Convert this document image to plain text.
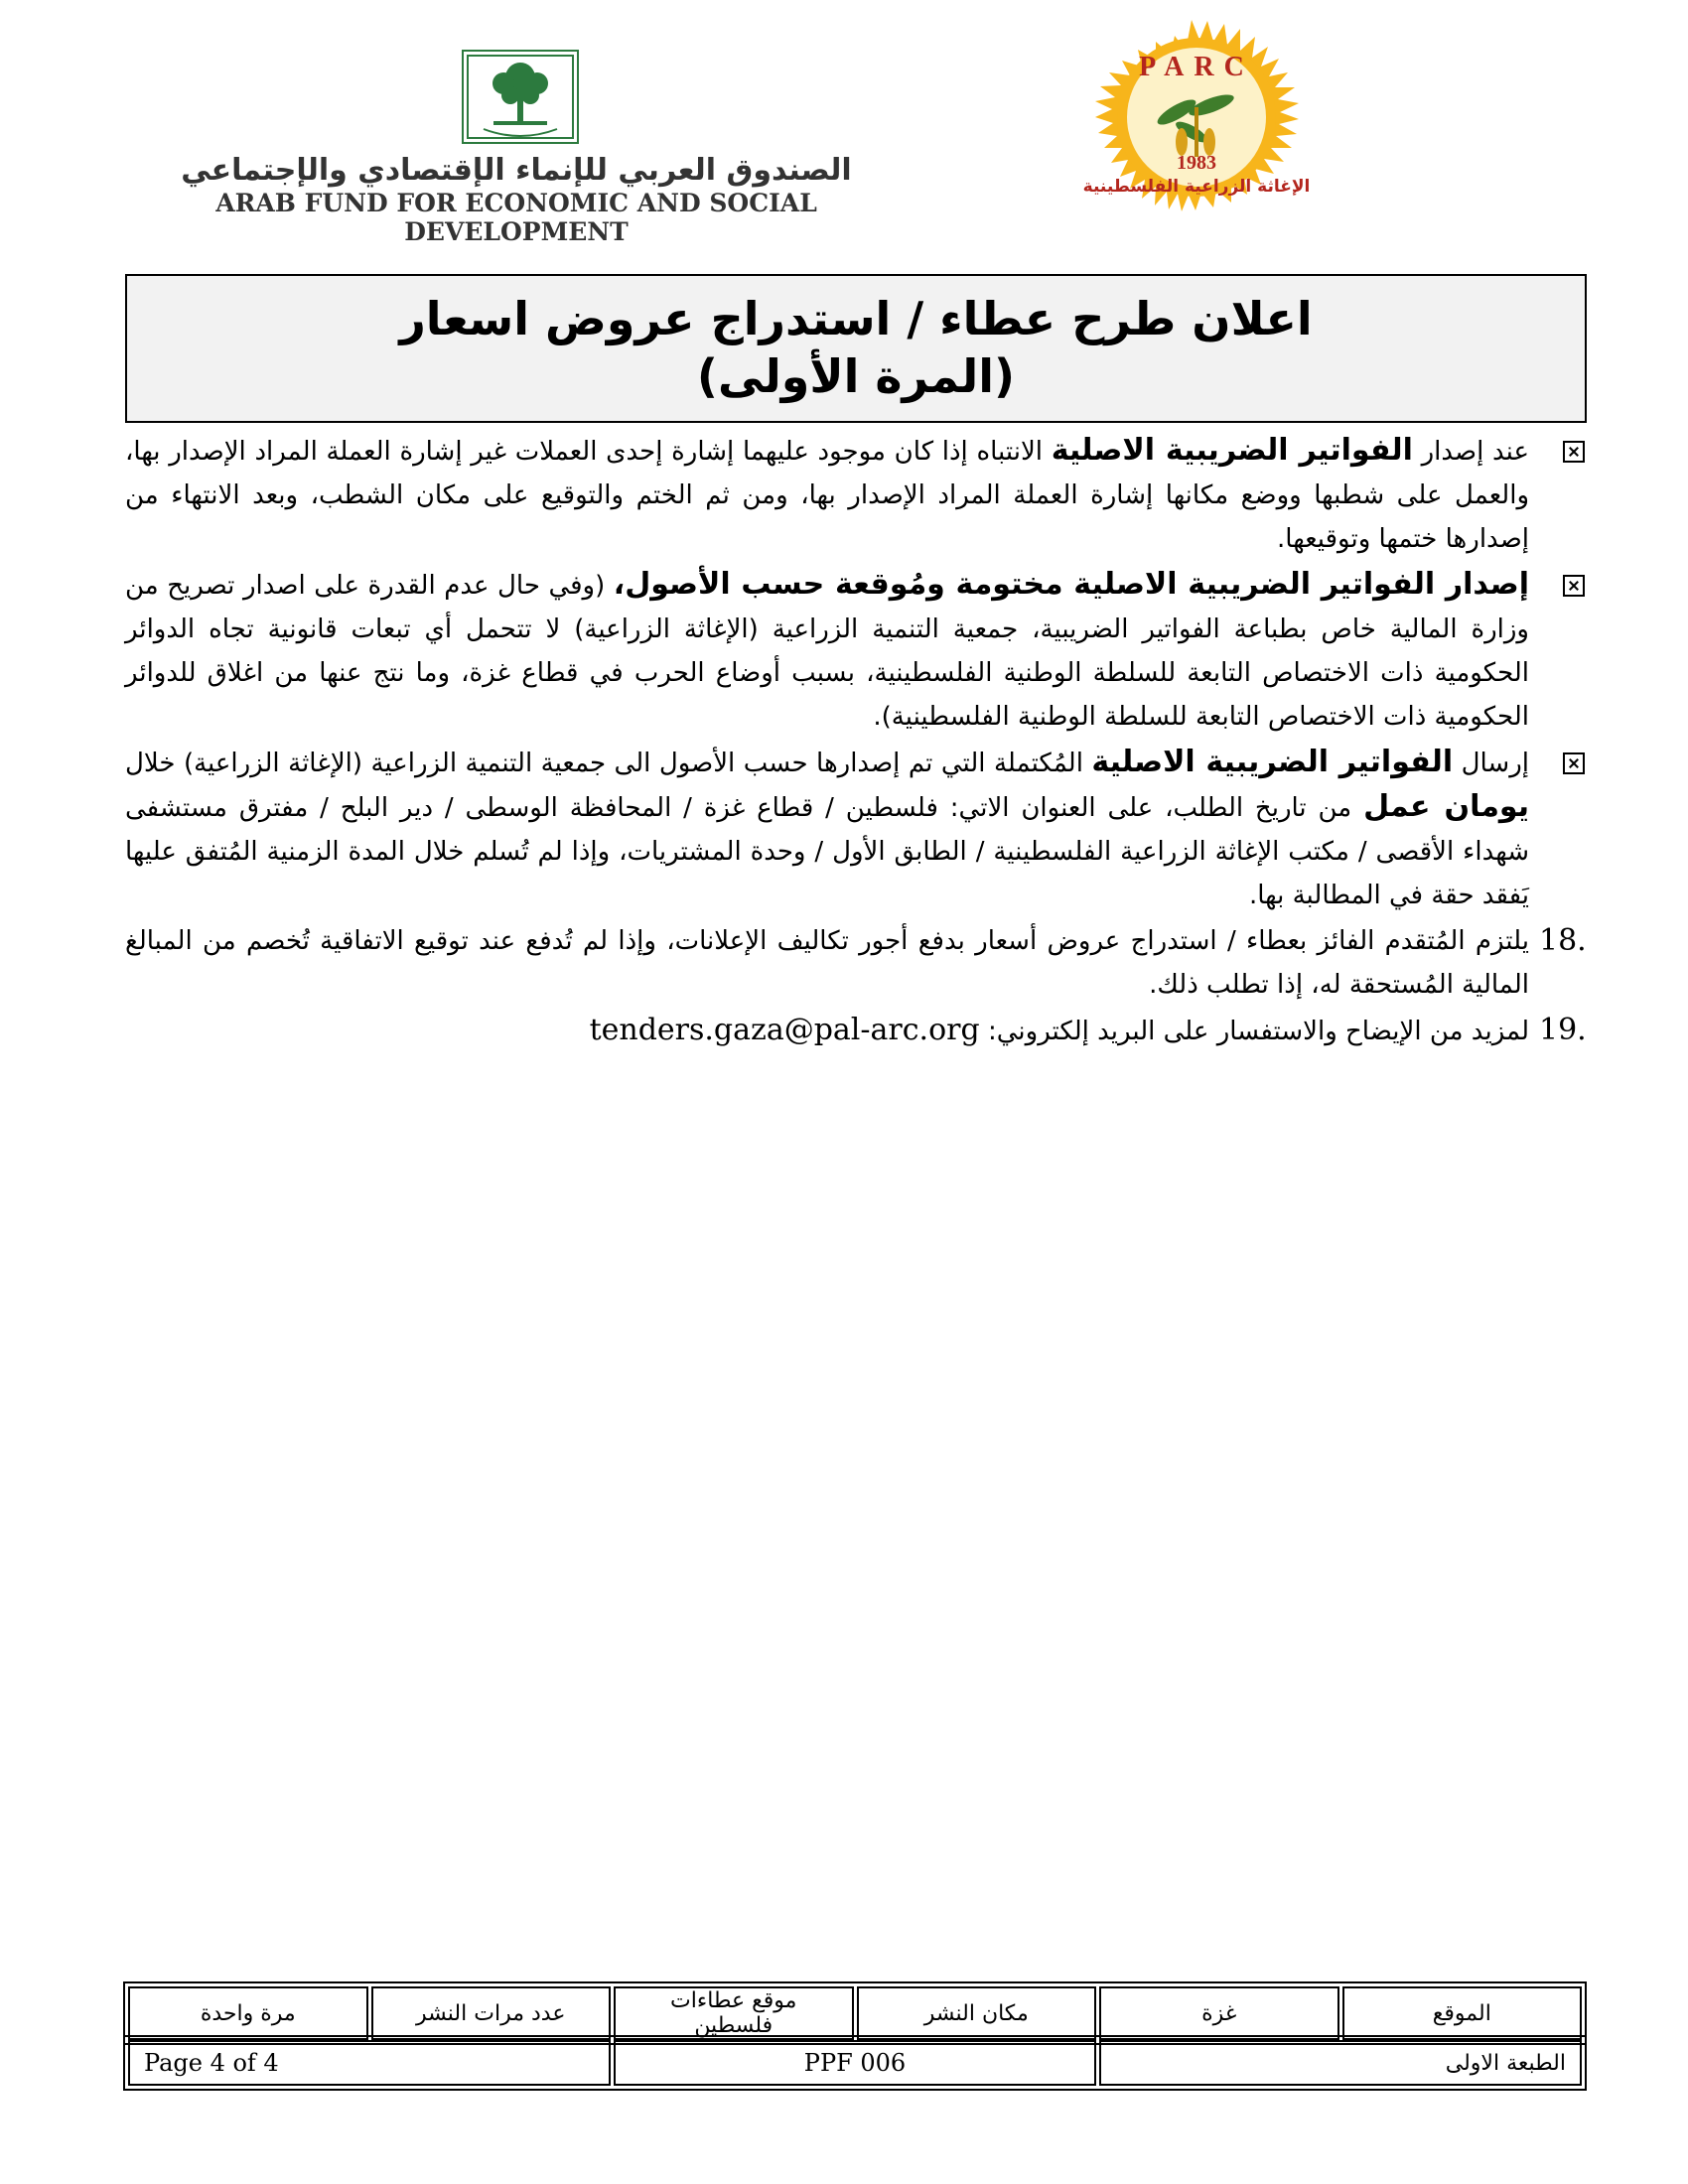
الصندوق العربي للإنماء الإقتصادي والإجتماعي
ARAB FUND FOR ECONOMIC AND SOCIAL DEVELOPMENT
PARC
1983
الإغاثة الزراعية الفلسطينية
اعلان طرح عطاء / استدراج عروض اسعار
(المرة الأولى)
عند إصدار الفواتير الضريبية الاصلية الانتباه إذا كان موجود عليهما إشارة إحدى العملات غير إشارة العملة المراد الإصدار بها، والعمل على شطبها ووضع مكانها إشارة العملة المراد الإصدار بها، ومن ثم الختم والتوقيع على مكان الشطب، وبعد الانتهاء من إصدارها ختمها وتوقيعها.
إصدار الفواتير الضريبية الاصلية مختومة ومُوقعة حسب الأصول، (وفي حال عدم القدرة على اصدار تصريح من وزارة المالية خاص بطباعة الفواتير الضريبية، جمعية التنمية الزراعية (الإغاثة الزراعية) لا تتحمل أي تبعات قانونية تجاه الدوائر الحكومية ذات الاختصاص التابعة للسلطة الوطنية الفلسطينية، بسبب أوضاع الحرب في قطاع غزة، وما نتج عنها من اغلاق للدوائر الحكومية ذات الاختصاص التابعة للسلطة الوطنية الفلسطينية).
إرسال الفواتير الضريبية الاصلية المُكتملة التي تم إصدارها حسب الأصول الى جمعية التنمية الزراعية (الإغاثة الزراعية) خلال يومان عمل من تاريخ الطلب، على العنوان الاتي: فلسطين / قطاع غزة / المحافظة الوسطى / دير البلح / مفترق مستشفى شهداء الأقصى / مكتب الإغاثة الزراعية الفلسطينية / الطابق الأول / وحدة المشتريات، وإذا لم تُسلم خلال المدة الزمنية المُتفق عليها يَفقد حقة في المطالبة بها.
18.
يلتزم المُتقدم الفائز بعطاء / استدراج عروض أسعار بدفع أجور تكاليف الإعلانات، وإذا لم تُدفع عند توقيع الاتفاقية تُخصم من المبالغ المالية المُستحقة له، إذا تطلب ذلك.
19.
لمزيد من الإيضاح والاستفسار على البريد إلكتروني: tenders.gaza@pal-arc.org
الموقع	غزة	مكان النشر	موقع عطاءات فلسطين	عدد مرات النشر	مرة واحدة
الطبعة الاولى	PPF 006	Page 4 of 4
